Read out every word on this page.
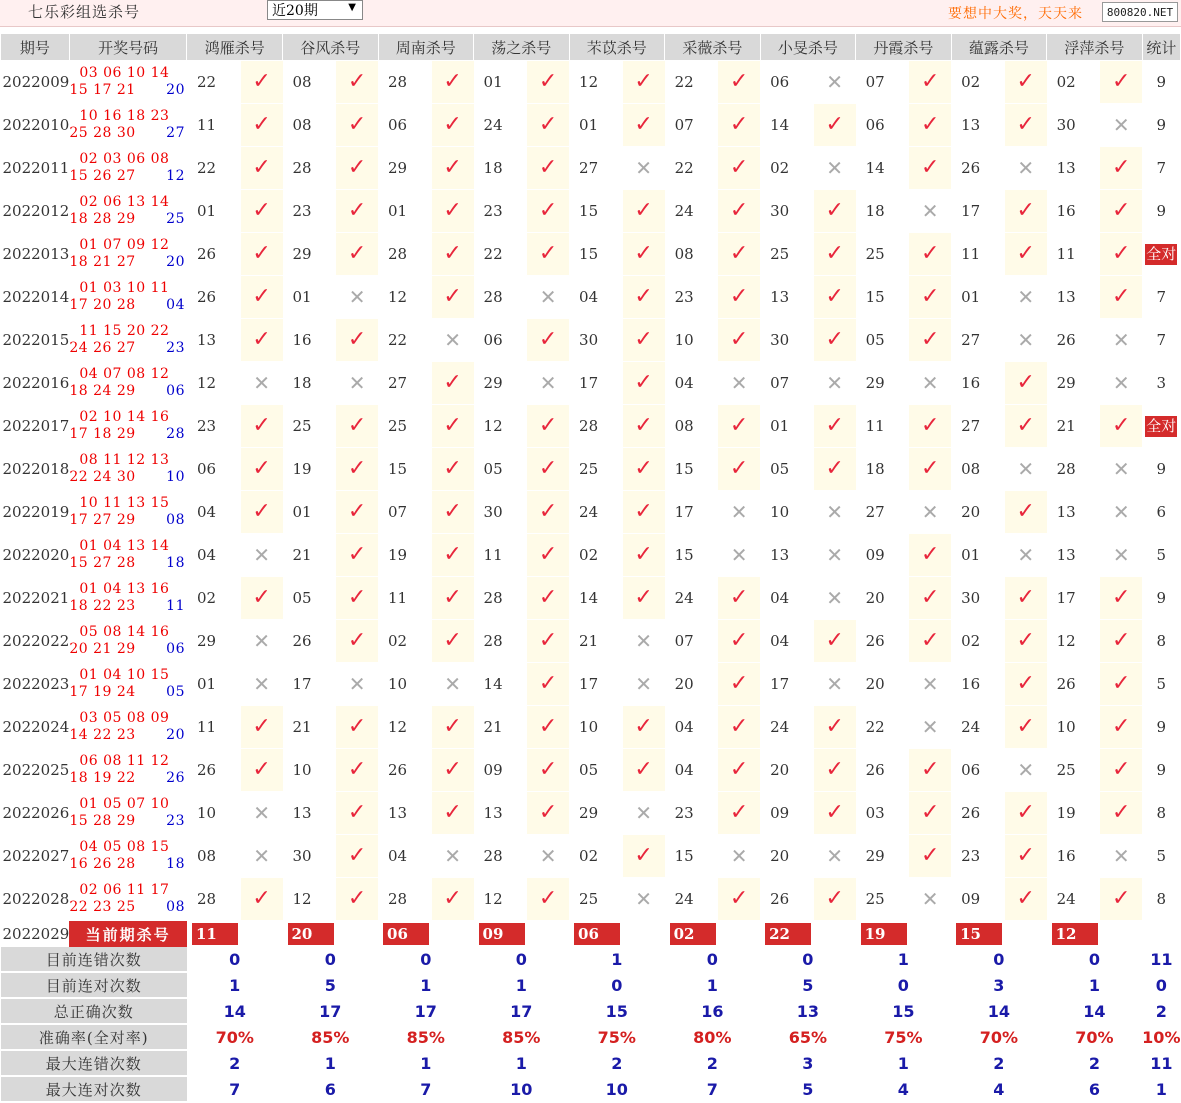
七乐彩组选杀号	近20期	▼	要想中大奖，天天来	800820.NET
期号	开奖号码	鸿雁杀号		谷风杀号		周南杀号		荡之杀号		芣苡杀号		采薇杀号		小旻杀号		丹霞杀号		蕴露杀号		浮萍杀号		统计
2022009	03 06 10 14
15 17 21 20	22	✓	08	✓	28	✓	01	✓	12	✓	22	✓	06	✕	07	✓	02	✓	02	✓	9
2022010	10 16 18 23
25 28 30 27	11	✓	08	✓	06	✓	24	✓	01	✓	07	✓	14	✓	06	✓	13	✓	30	✕	9
2022011	02 03 06 08
15 26 27 12	22	✓	28	✓	29	✓	18	✓	27	✕	22	✓	02	✕	14	✓	26	✕	13	✓	7
2022012	02 06 13 14
18 28 29 25	01	✓	23	✓	01	✓	23	✓	15	✓	24	✓	30	✓	18	✕	17	✓	16	✓	9
2022013	01 07 09 12
18 21 27 20	26	✓	29	✓	28	✓	22	✓	15	✓	08	✓	25	✓	25	✓	11	✓	11	✓	全对
2022014	01 03 10 11
17 20 28 04	26	✓	01	✕	12	✓	28	✕	04	✓	23	✓	13	✓	15	✓	01	✕	13	✓	7
2022015	11 15 20 22
24 26 27 23	13	✓	16	✓	22	✕	06	✓	30	✓	10	✓	30	✓	05	✓	27	✕	26	✕	7
2022016	04 07 08 12
18 24 29 06	12	✕	18	✕	27	✓	29	✕	17	✓	04	✕	07	✕	29	✕	16	✓	29	✕	3
2022017	02 10 14 16
17 18 29 28	23	✓	25	✓	25	✓	12	✓	28	✓	08	✓	01	✓	11	✓	27	✓	21	✓	全对
2022018	08 11 12 13
22 24 30 10	06	✓	19	✓	15	✓	05	✓	25	✓	15	✓	05	✓	18	✓	08	✕	28	✕	9
2022019	10 11 13 15
17 27 29 08	04	✓	01	✓	07	✓	30	✓	24	✓	17	✕	10	✕	27	✕	20	✓	13	✕	6
2022020	01 04 13 14
15 27 28 18	04	✕	21	✓	19	✓	11	✓	02	✓	15	✕	13	✕	09	✓	01	✕	13	✕	5
2022021	01 04 13 16
18 22 23 11	02	✓	05	✓	11	✓	28	✓	14	✓	24	✓	04	✕	20	✓	30	✓	17	✓	9
2022022	05 08 14 16
20 21 29 06	29	✕	26	✓	02	✓	28	✓	21	✕	07	✓	04	✓	26	✓	02	✓	12	✓	8
2022023	01 04 10 15
17 19 24 05	01	✕	17	✕	10	✕	14	✓	17	✕	20	✓	17	✕	20	✕	16	✓	26	✓	5
2022024	03 05 08 09
14 22 23 20	11	✓	21	✓	12	✓	21	✓	10	✓	04	✓	24	✓	22	✕	24	✓	10	✓	9
2022025	06 08 11 12
18 19 22 26	26	✓	10	✓	26	✓	09	✓	05	✓	04	✓	20	✓	26	✓	06	✕	25	✓	9
2022026	01 05 07 10
15 28 29 23	10	✕	13	✓	13	✓	13	✓	29	✕	23	✓	09	✓	03	✓	26	✓	19	✓	8
2022027	04 05 08 15
16 26 28 18	08	✕	30	✓	04	✕	28	✕	02	✓	15	✕	20	✕	29	✓	23	✓	16	✕	5
2022028	02 06 11 17
22 23 25 08	28	✓	12	✓	28	✓	12	✓	25	✕	24	✓	26	✓	25	✕	09	✓	24	✓	8
2022029	当前期杀号	11		20		06		09		06		02		22		19		15		12		
目前连错次数		0		0		0		0		1		0		0		1		0		0		11
目前连对次数		1		5		1		1		0		1		5		0		3		1		0
总正确次数		14		17		17		17		15		16		13		15		14		14		2
准确率(全对率)		70%		85%		85%		85%		75%		80%		65%		75%		70%		70%		10%
最大连错次数		2		1		1		1		2		2		3		1		2		2		11
最大连对次数		7		6		7		10		10		7		5		4		4		6		1
